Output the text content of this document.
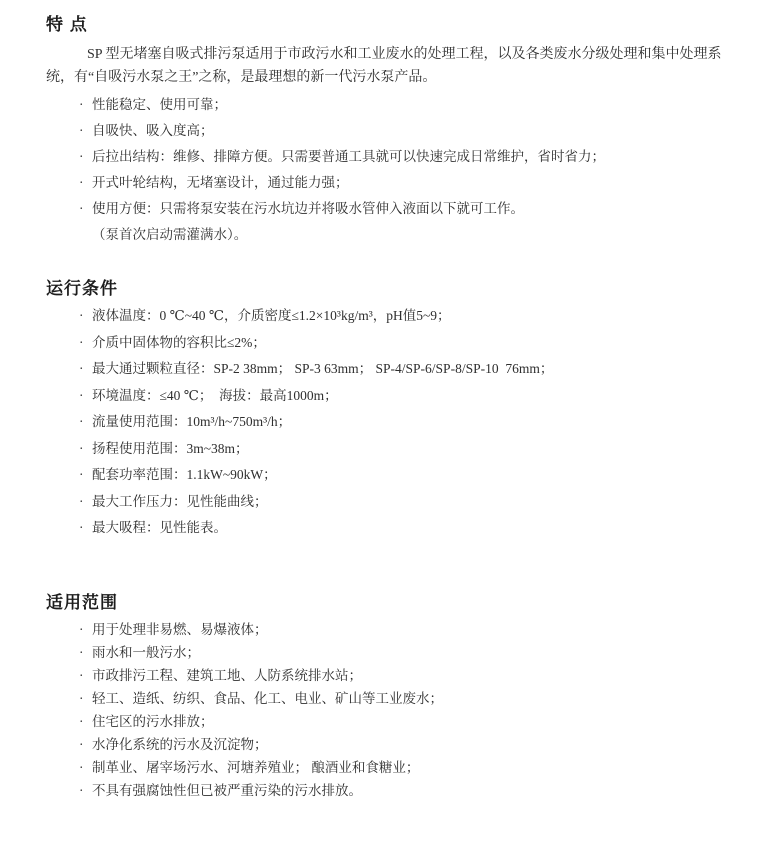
特 点

SP 型无堵塞自吸式排污泵适用于市政污水和工业废水的处理工程，以及各类废水分级处理和集中处理系统，有“自吸污水泵之王”之称，是最理想的新一代污水泵产品。

· 性能稳定、使用可靠；
· 自吸快、吸入度高；
· 后拉出结构：维修、排障方便。只需要普通工具就可以快速完成日常维护，省时省力；
· 开式叶轮结构，无堵塞设计，通过能力强；
· 使用方便：只需将泵安装在污水坑边并将吸水管伸入液面以下就可工作。
（泵首次启动需灌满水）。
运行条件
· 液体温度：0 ℃~40 ℃，介质密度≤1.2×10³kg/m³，pH值5~9；
· 介质中固体物的容积比≤2%；
· 最大通过颗粒直径：SP-2 38mm； SP-3 63mm； SP-4/SP-6/SP-8/SP-10  76mm；
· 环境温度：≤40 ℃；  海拔：最高1000m；
· 流量使用范围：10m³/h~750m³/h；
· 扬程使用范围：3m~38m；
· 配套功率范围：1.1kW~90kW；
· 最大工作压力：见性能曲线；
· 最大吸程：见性能表。
适用范围
· 用于处理非易燃、易爆液体；
· 雨水和一般污水；
· 市政排污工程、建筑工地、人防系统排水站；
· 轻工、造纸、纺织、食品、化工、电业、矿山等工业废水；
· 住宅区的污水排放；
· 水净化系统的污水及沉淀物；
· 制革业、屠宰场污水、河塘养殖业； 酿酒业和食糖业；
· 不具有强腐蚀性但已被严重污染的污水排放。
